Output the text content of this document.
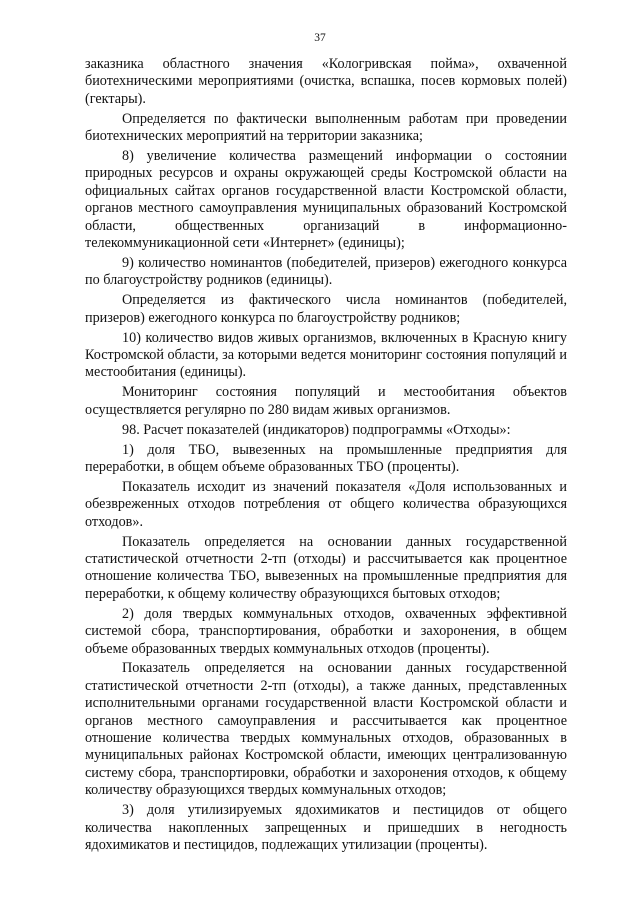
37

заказника областного значения «Кологривская пойма», охваченной биотехническими мероприятиями (очистка, вспашка, посев кормовых полей) (гектары).

Определяется по фактически выполненным работам при проведении биотехнических мероприятий на территории заказника;

8) увеличение количества размещений информации о состоянии природных ресурсов и охраны окружающей среды Костромской области на официальных сайтах органов государственной власти Костромской области, органов местного самоуправления муниципальных образований Костромской области, общественных организаций в информационно-телекоммуникационной сети «Интернет» (единицы);

9) количество номинантов (победителей, призеров) ежегодного конкурса по благоустройству родников (единицы).

Определяется из фактического числа номинантов (победителей, призеров) ежегодного конкурса по благоустройству родников;

10) количество видов живых организмов, включенных в Красную книгу Костромской области, за которыми ведется мониторинг состояния популяций и местообитания (единицы).

Мониторинг состояния популяций и местообитания объектов осуществляется регулярно по 280 видам живых организмов.

98. Расчет показателей (индикаторов) подпрограммы «Отходы»:

1) доля ТБО, вывезенных на промышленные предприятия для переработки, в общем объеме образованных ТБО (проценты).

Показатель исходит из значений показателя «Доля использованных и обезвреженных отходов потребления от общего количества образующихся отходов».

Показатель определяется на основании данных государственной статистической отчетности 2-тп (отходы) и рассчитывается как процентное отношение количества ТБО, вывезенных на промышленные предприятия для переработки, к общему количеству образующихся бытовых отходов;

2) доля твердых коммунальных отходов, охваченных эффективной системой сбора, транспортирования, обработки и захоронения, в общем объеме образованных твердых коммунальных отходов (проценты).

Показатель определяется на основании данных государственной статистической отчетности 2-тп (отходы), а также данных, представленных исполнительными органами государственной власти Костромской области и органов местного самоуправления и рассчитывается как процентное отношение количества твердых коммунальных отходов, образованных в муниципальных районах Костромской области, имеющих централизованную систему сбора, транспортировки, обработки и захоронения отходов, к общему количеству образующихся твердых коммунальных отходов;

3) доля утилизируемых ядохимикатов и пестицидов от общего количества накопленных запрещенных и пришедших в негодность ядохимикатов и пестицидов, подлежащих утилизации (проценты).
